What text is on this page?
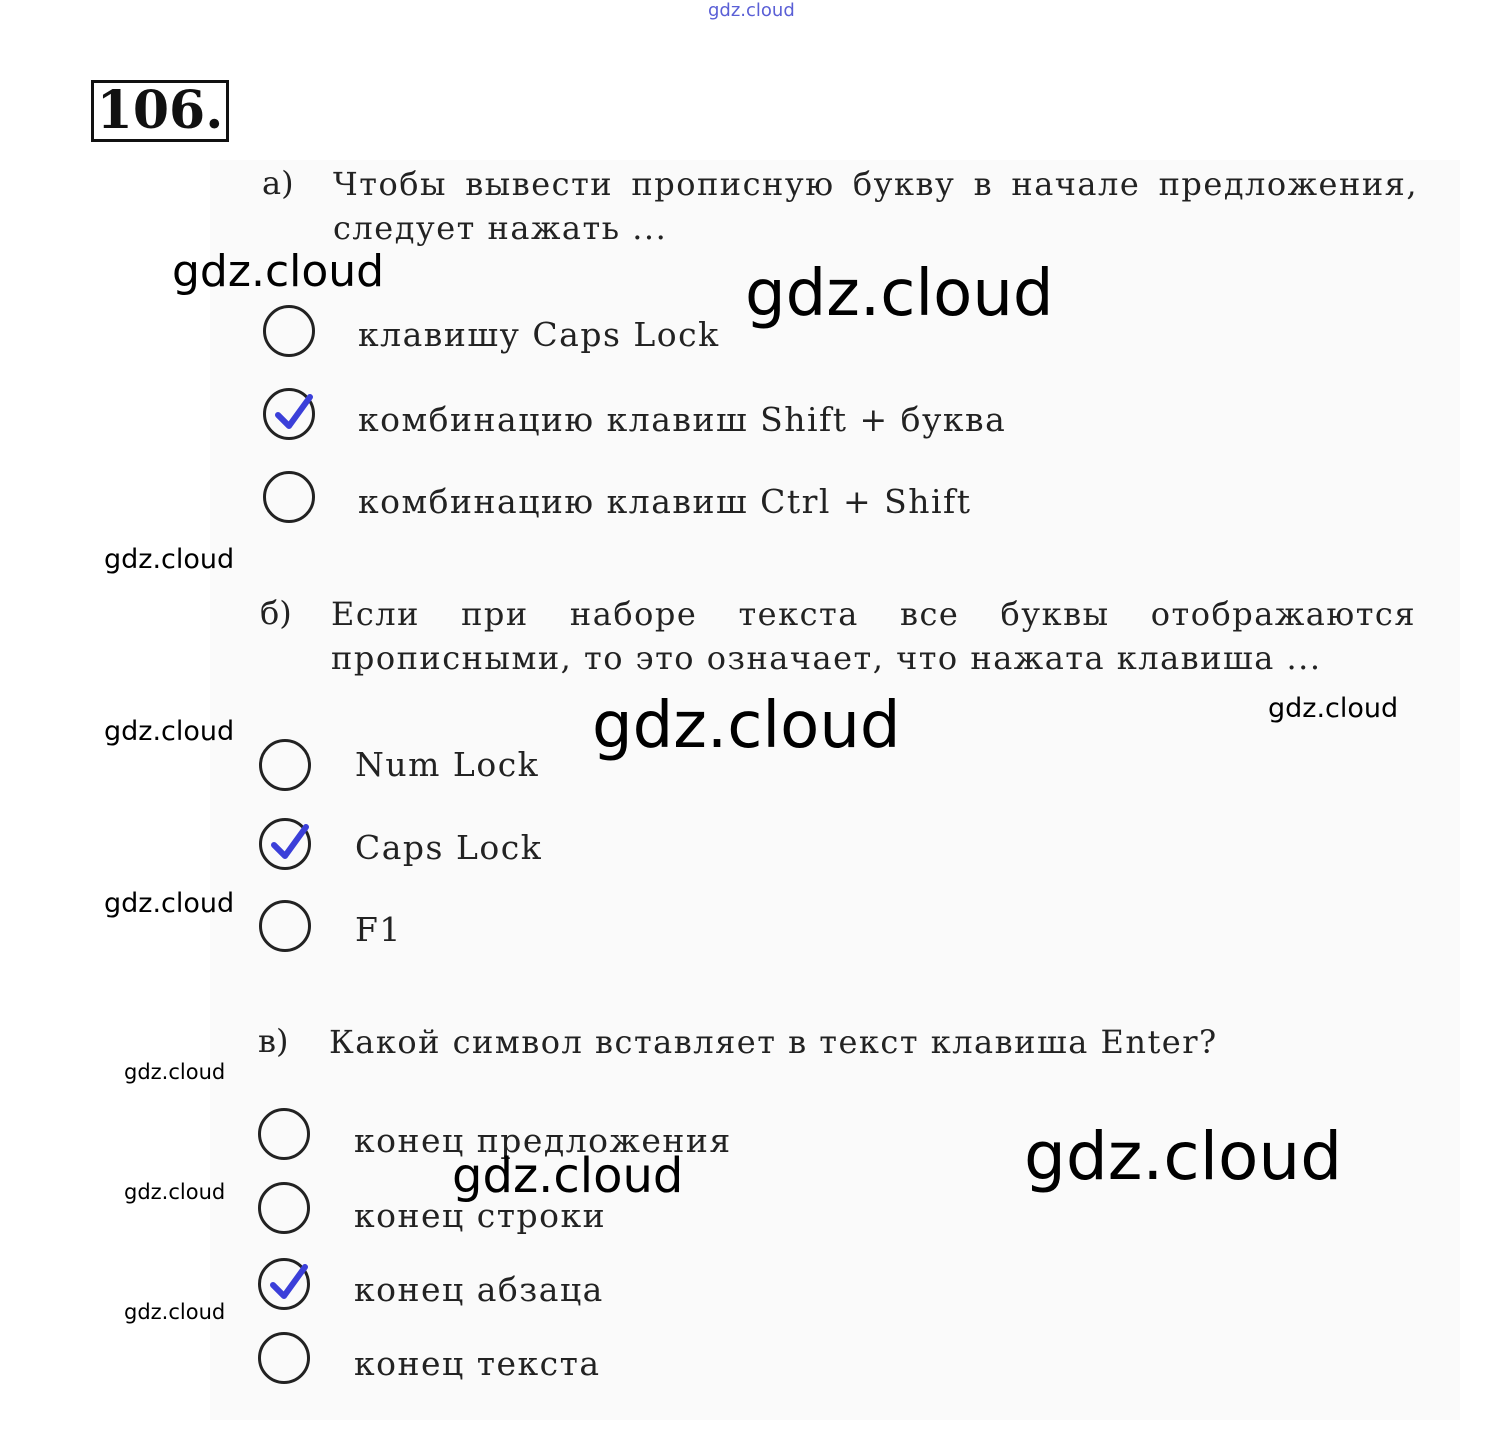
gdz.cloud
106.
а) Чтобы вывести прописную букву в начале предложения, следует нажать ...
клавишу Caps Lock
комбинацию клавиш Shift + буква
комбинацию клавиш Ctrl + Shift
б) Если при наборе текста все буквы отображаются прописными, то это означает, что нажата клавиша ...
Num Lock
Caps Lock
F1
в) Какой символ вставляет в текст клавиша Enter?
конец предложения
конец строки
конец абзаца
конец текста
gdz.cloud	gdz.cloud
gdz.cloud
gdz.cloud	gdz.cloud	gdz.cloud
gdz.cloud
gdz.cloud
gdz.cloud
gdz.cloud
gdz.cloud	gdz.cloud
